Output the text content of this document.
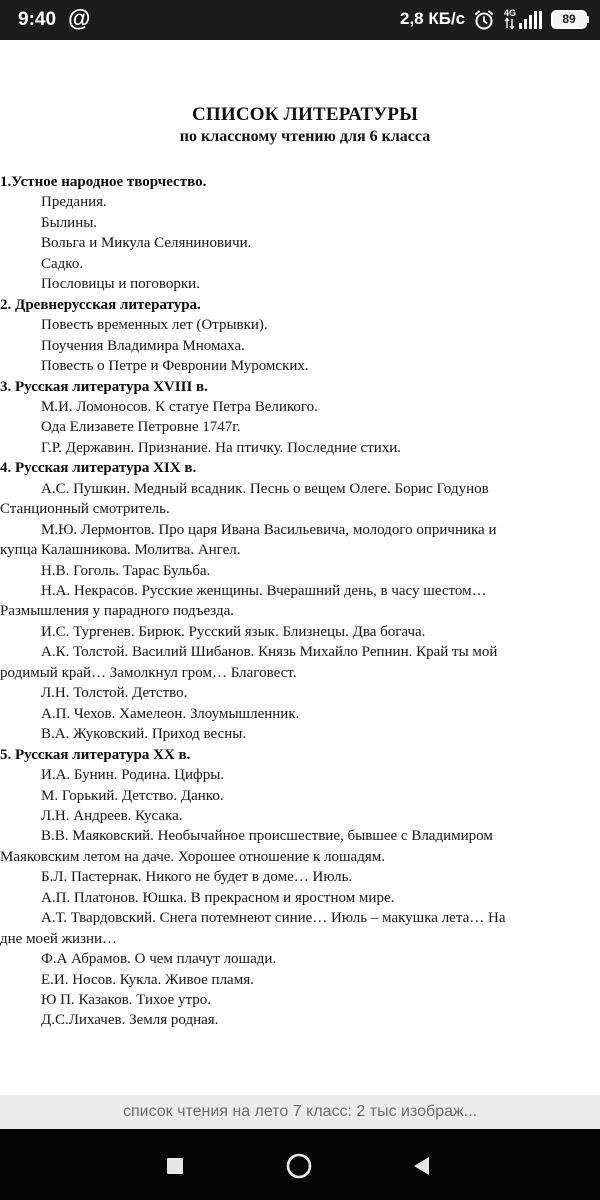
9:40 @	2,8 КБ/с	4G	89
СПИСОК ЛИТЕРАТУРЫ
по классному чтению для 6 класса
1.Устное народное творчество.
Предания.
Былины.
Вольга и Микула Селяниновичи.
Садко.
Пословицы и поговорки.
2. Древнерусская литература.
Повесть временных лет (Отрывки).
Поучения Владимира Мномаха.
Повесть о Петре и Февронии Муромских.
3. Русская литература XVIII в.
М.И. Ломоносов. К статуе Петра Великого.
Ода Елизавете Петровне 1747г.
Г.Р. Державин. Признание. На птичку. Последние стихи.
4. Русская литература XIX в.
А.С. Пушкин. Медный всадник. Песнь о вещем Олеге. Борис Годунов
Станционный смотритель.
М.Ю. Лермонтов. Про царя Ивана Васильевича, молодого опричника и
купца Калашникова. Молитва. Ангел.
Н.В. Гоголь. Тарас Бульба.
Н.А. Некрасов. Русские женщины. Вчерашний день, в часу шестом…
Размышления у парадного подъезда.
И.С. Тургенев. Бирюк. Русский язык. Близнецы. Два богача.
А.К. Толстой. Василий Шибанов. Князь Михайло Репнин. Край ты мой
родимый край… Замолкнул гром… Благовест.
Л.Н. Толстой. Детство.
А.П. Чехов. Хамелеон. Злоумышленник.
В.А. Жуковский. Приход весны.
5. Русская литература XX в.
И.А. Бунин. Родина. Цифры.
М. Горький. Детство. Данко.
Л.Н. Андреев. Кусака.
В.В. Маяковский. Необычайное происшествие, бывшее с Владимиром
Маяковским летом на даче. Хорошее отношение к лошадям.
Б.Л. Пастернак. Никого не будет в доме… Июль.
А.П. Платонов. Юшка. В прекрасном и яростном мире.
А.Т. Твардовский. Снега потемнеют синие… Июль – макушка лета… На
дне моей жизни…
Ф.А Абрамов. О чем плачут лошади.
Е.И. Носов. Кукла. Живое пламя.
Ю П. Казаков. Тихое утро.
Д.С.Лихачев. Земля родная.
список чтения на лето 7 класс: 2 тыс изображ...
